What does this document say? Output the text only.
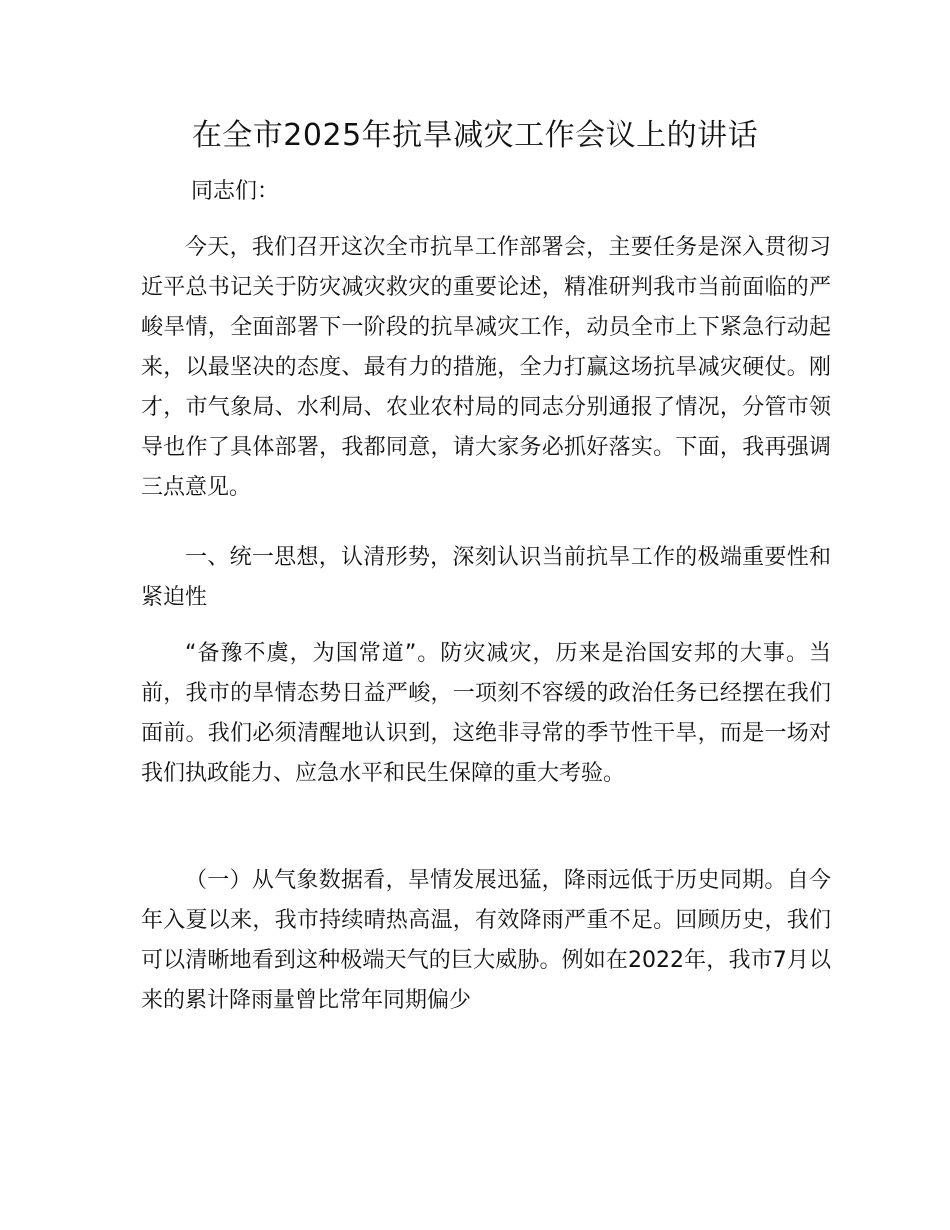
在全市2025年抗旱减灾工作会议上的讲话
同志们：

今天，我们召开这次全市抗旱工作部署会，主要任务是深入贯彻习近平总书记关于防灾减灾救灾的重要论述，精准研判我市当前面临的严峻旱情，全面部署下一阶段的抗旱减灾工作，动员全市上下紧急行动起来，以最坚决的态度、最有力的措施，全力打赢这场抗旱减灾硬仗。刚才，市气象局、水利局、农业农村局的同志分别通报了情况，分管市领导也作了具体部署，我都同意，请大家务必抓好落实。下面，我再强调三点意见。

一、统一思想，认清形势，深刻认识当前抗旱工作的极端重要性和紧迫性

“备豫不虞，为国常道”。防灾减灾，历来是治国安邦的大事。当前，我市的旱情态势日益严峻，一项刻不容缓的政治任务已经摆在我们面前。我们必须清醒地认识到，这绝非寻常的季节性干旱，而是一场对我们执政能力、应急水平和民生保障的重大考验。

（一）从气象数据看，旱情发展迅猛，降雨远低于历史同期。自今年入夏以来，我市持续晴热高温，有效降雨严重不足。回顾历史，我们可以清晰地看到这种极端天气的巨大威胁。例如在2022年，我市7月以来的累计降雨量曾比常年同期偏少
